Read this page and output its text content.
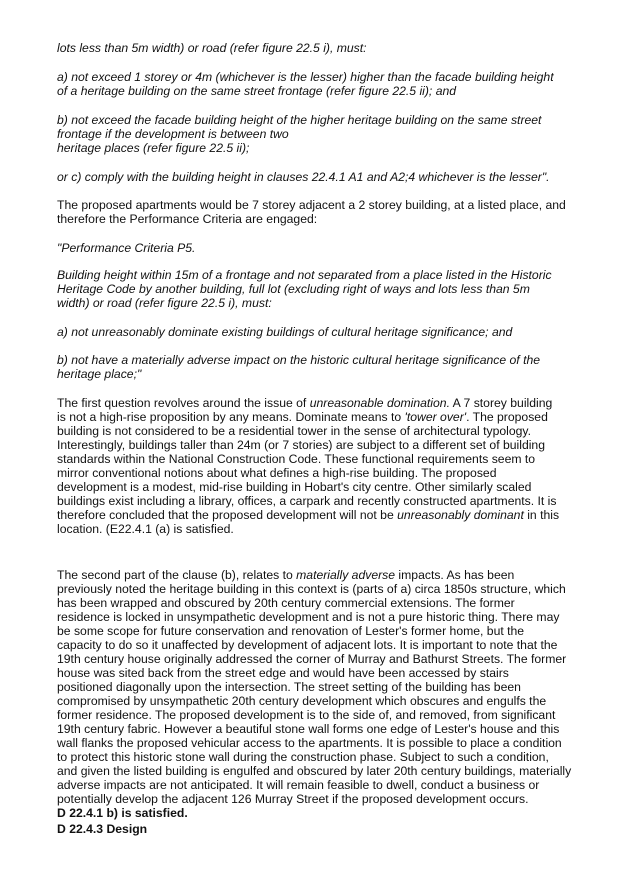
lots less than 5m width) or road (refer figure 22.5 i), must:

a) not exceed 1 storey or 4m (whichever is the lesser) higher than the facade building height
of a heritage building on the same street frontage (refer figure 22.5 ii); and

b) not exceed the facade building height of the higher heritage building on the same street
frontage if the development is between two
heritage places (refer figure 22.5 ii);

or c) comply with the building height in clauses 22.4.1 A1 and A2;4 whichever is the lesser".

The proposed apartments would be 7 storey adjacent a 2 storey building, at a listed place, and
therefore the Performance Criteria are engaged:

"Performance Criteria P5.

Building height within 15m of a frontage and not separated from a place listed in the Historic
Heritage Code by another building, full lot (excluding right of ways and lots less than 5m
width) or road (refer figure 22.5 i), must:

a) not unreasonably dominate existing buildings of cultural heritage significance; and

b) not have a materially adverse impact on the historic cultural heritage significance of the
heritage place;"

The first question revolves around the issue of unreasonable domination. A 7 storey building
is not a high-rise proposition by any means. Dominate means to 'tower over'. The proposed
building is not considered to be a residential tower in the sense of architectural typology.
Interestingly, buildings taller than 24m (or 7 stories) are subject to a different set of building
standards within the National Construction Code. These functional requirements seem to
mirror conventional notions about what defines a high-rise building. The proposed
development is a modest, mid-rise building in Hobart's city centre. Other similarly scaled
buildings exist including a library, offices, a carpark and recently constructed apartments. It is
therefore concluded that the proposed development will not be unreasonably dominant in this
location. (E22.4.1 (a) is satisfied.

The second part of the clause (b), relates to materially adverse impacts. As has been
previously noted the heritage building in this context is (parts of a) circa 1850s structure, which
has been wrapped and obscured by 20th century commercial extensions. The former
residence is locked in unsympathetic development and is not a pure historic thing. There may
be some scope for future conservation and renovation of Lester's former home, but the
capacity to do so it unaffected by development of adjacent lots. It is important to note that the
19th century house originally addressed the corner of Murray and Bathurst Streets. The former
house was sited back from the street edge and would have been accessed by stairs
positioned diagonally upon the intersection. The street setting of the building has been
compromised by unsympathetic 20th century development which obscures and engulfs the
former residence. The proposed development is to the side of, and removed, from significant
19th century fabric. However a beautiful stone wall forms one edge of Lester's house and this
wall flanks the proposed vehicular access to the apartments. It is possible to place a condition
to protect this historic stone wall during the construction phase. Subject to such a condition,
and given the listed building is engulfed and obscured by later 20th century buildings, materially
adverse impacts are not anticipated. It will remain feasible to dwell, conduct a business or
potentially develop the adjacent 126 Murray Street if the proposed development occurs.
D 22.4.1 b) is satisfied.

D 22.4.3 Design
